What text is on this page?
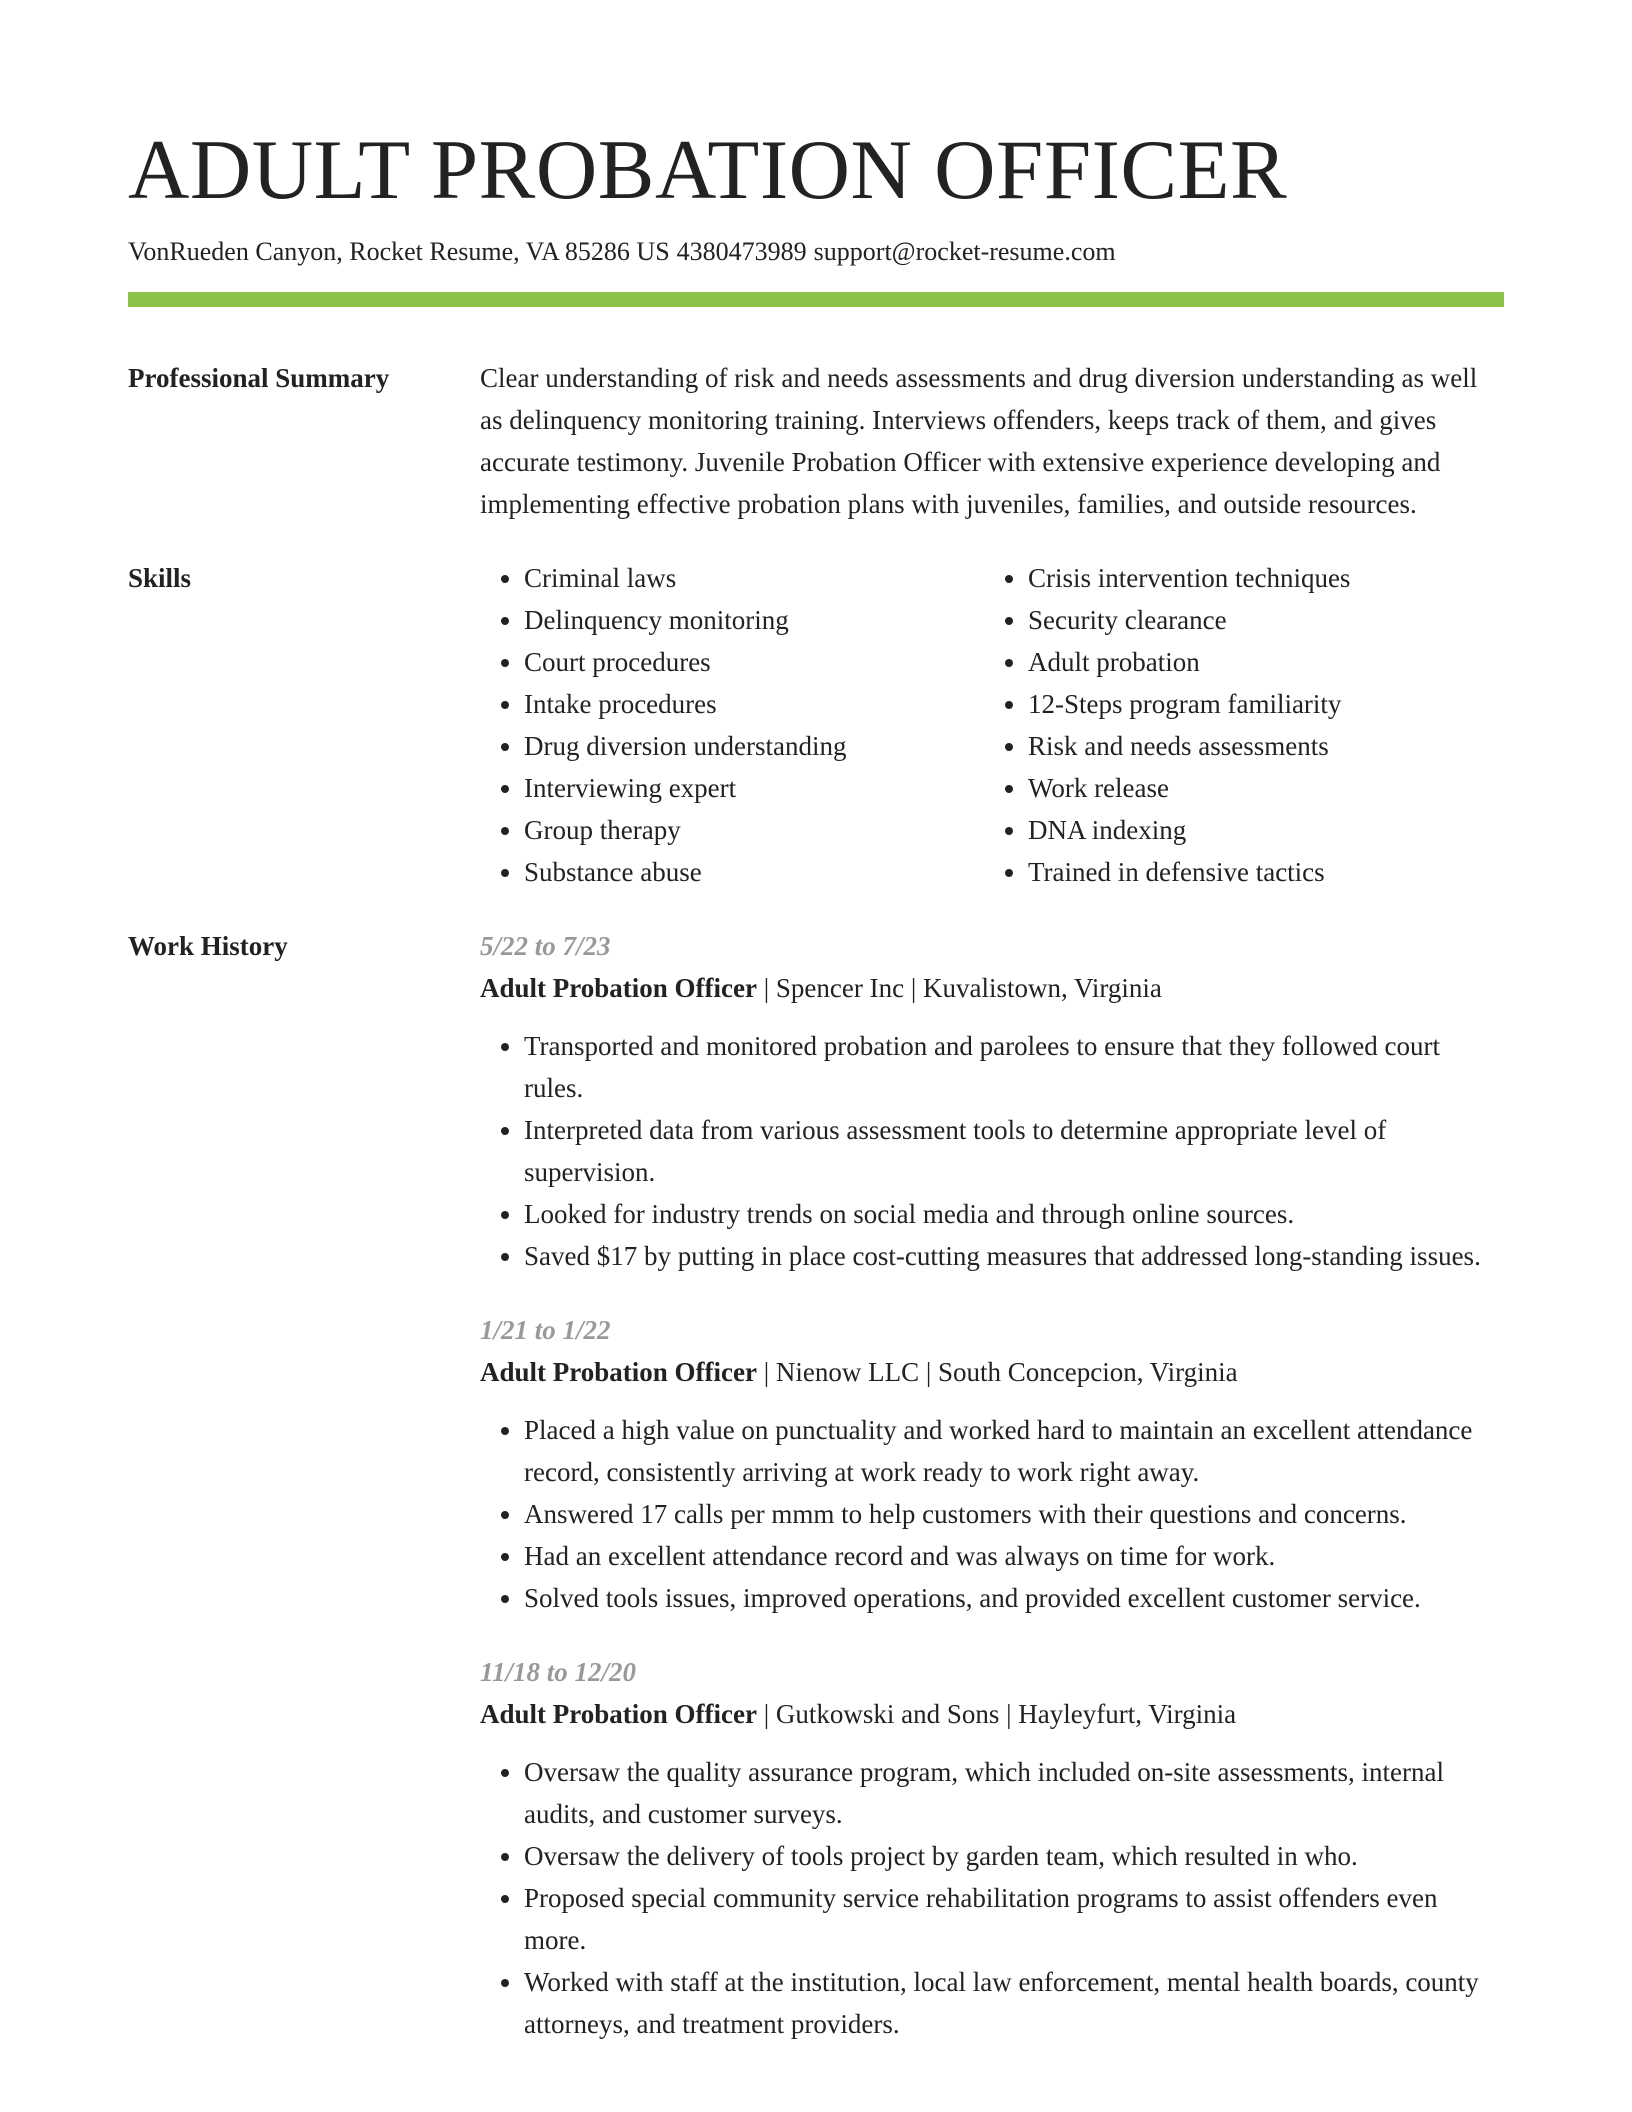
ADULT PROBATION OFFICER
VonRueden Canyon, Rocket Resume, VA 85286 US 4380473989 support@rocket-resume.com
Professional Summary	Clear understanding of risk and needs assessments and drug diversion understanding as well as delinquency monitoring training. Interviews offenders, keeps track of them, and gives accurate testimony. Juvenile Probation Officer with extensive experience developing and implementing effective probation plans with juveniles, families, and outside resources.

Skills
•	Criminal laws
• Delinquency monitoring
• Court procedures
• Intake procedures
• Drug diversion understanding
• Interviewing expert
• Group therapy
• Substance abuse
• Crisis intervention techniques
• Security clearance
• Adult probation
• 12-Steps program familiarity
• Risk and needs assessments
• Work release
• DNA indexing
• Trained in defensive tactics
Work History	5/22 to 7/23
Adult Probation Officer | Spencer Inc | Kuvalistown, Virginia
• Transported and monitored probation and parolees to ensure that they followed court rules.
• Interpreted data from various assessment tools to determine appropriate level of supervision.
• Looked for industry trends on social media and through online sources.
• Saved $17 by putting in place cost-cutting measures that addressed long-standing issues.
1/21 to 1/22
Adult Probation Officer | Nienow LLC | South Concepcion, Virginia
• Placed a high value on punctuality and worked hard to maintain an excellent attendance record, consistently arriving at work ready to work right away.
• Answered 17 calls per mmm to help customers with their questions and concerns.
• Had an excellent attendance record and was always on time for work.
• Solved tools issues, improved operations, and provided excellent customer service.
11/18 to 12/20
Adult Probation Officer | Gutkowski and Sons | Hayleyfurt, Virginia
• Oversaw the quality assurance program, which included on-site assessments, internal audits, and customer surveys.
• Oversaw the delivery of tools project by garden team, which resulted in who.
• Proposed special community service rehabilitation programs to assist offenders even more.
• Worked with staff at the institution, local law enforcement, mental health boards, county attorneys, and treatment providers.
